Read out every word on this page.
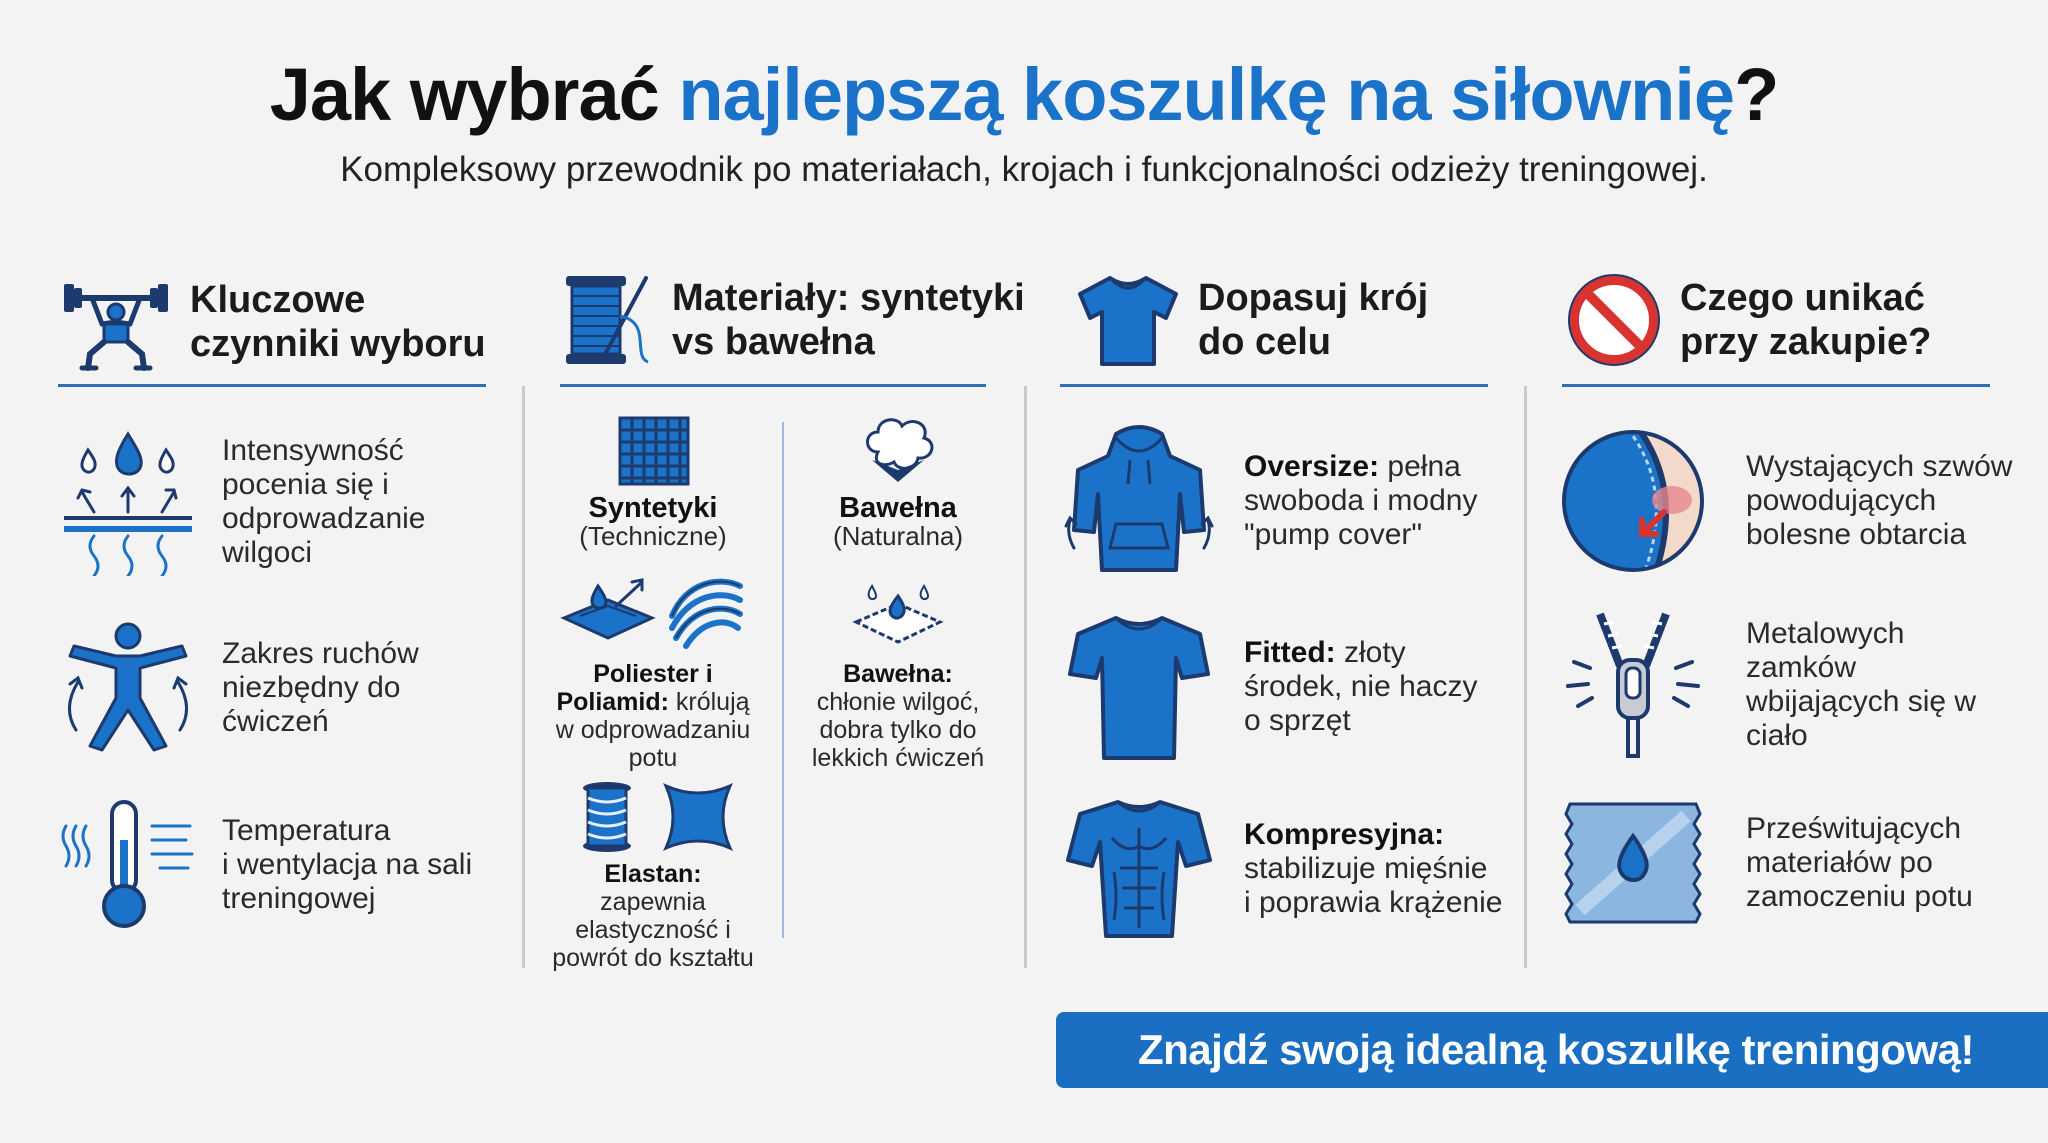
Jak wybrać najlepszą koszulkę na siłownię?
Kompleksowy przewodnik po materiałach, krojach i funkcjonalności odzieży treningowej.
Kluczowe
czynniki wyboru
Intensywność
pocenia się i
odprowadzanie
wilgoci
Zakres ruchów
niezbędny do
ćwiczeń
Temperatura
i wentylacja na sali
treningowej
Materiały: syntetyki
vs bawełna
Syntetyki
(Techniczne)
Poliester i
Poliamid: królują
w odprowadzaniu
potu
Elastan:
zapewnia
elastyczność i
powrót do kształtu
Bawełna
(Naturalna)
Bawełna:
chłonie wilgoć,
dobra tylko do
lekkich ćwiczeń
Dopasuj krój
do celu
Oversize: pełna
swoboda i modny
"pump cover"
Fitted: złoty
środek, nie haczy
o sprzęt
Kompresyjna:
stabilizuje mięśnie
i poprawia krążenie
Czego unikać
przy zakupie?
Wystających szwów
powodujących
bolesne obtarcia
Metalowych
zamków
wbijających się w
ciało
Prześwitujących
materiałów po
zamoczeniu potu
Znajdź swoją idealną koszulkę treningową!
